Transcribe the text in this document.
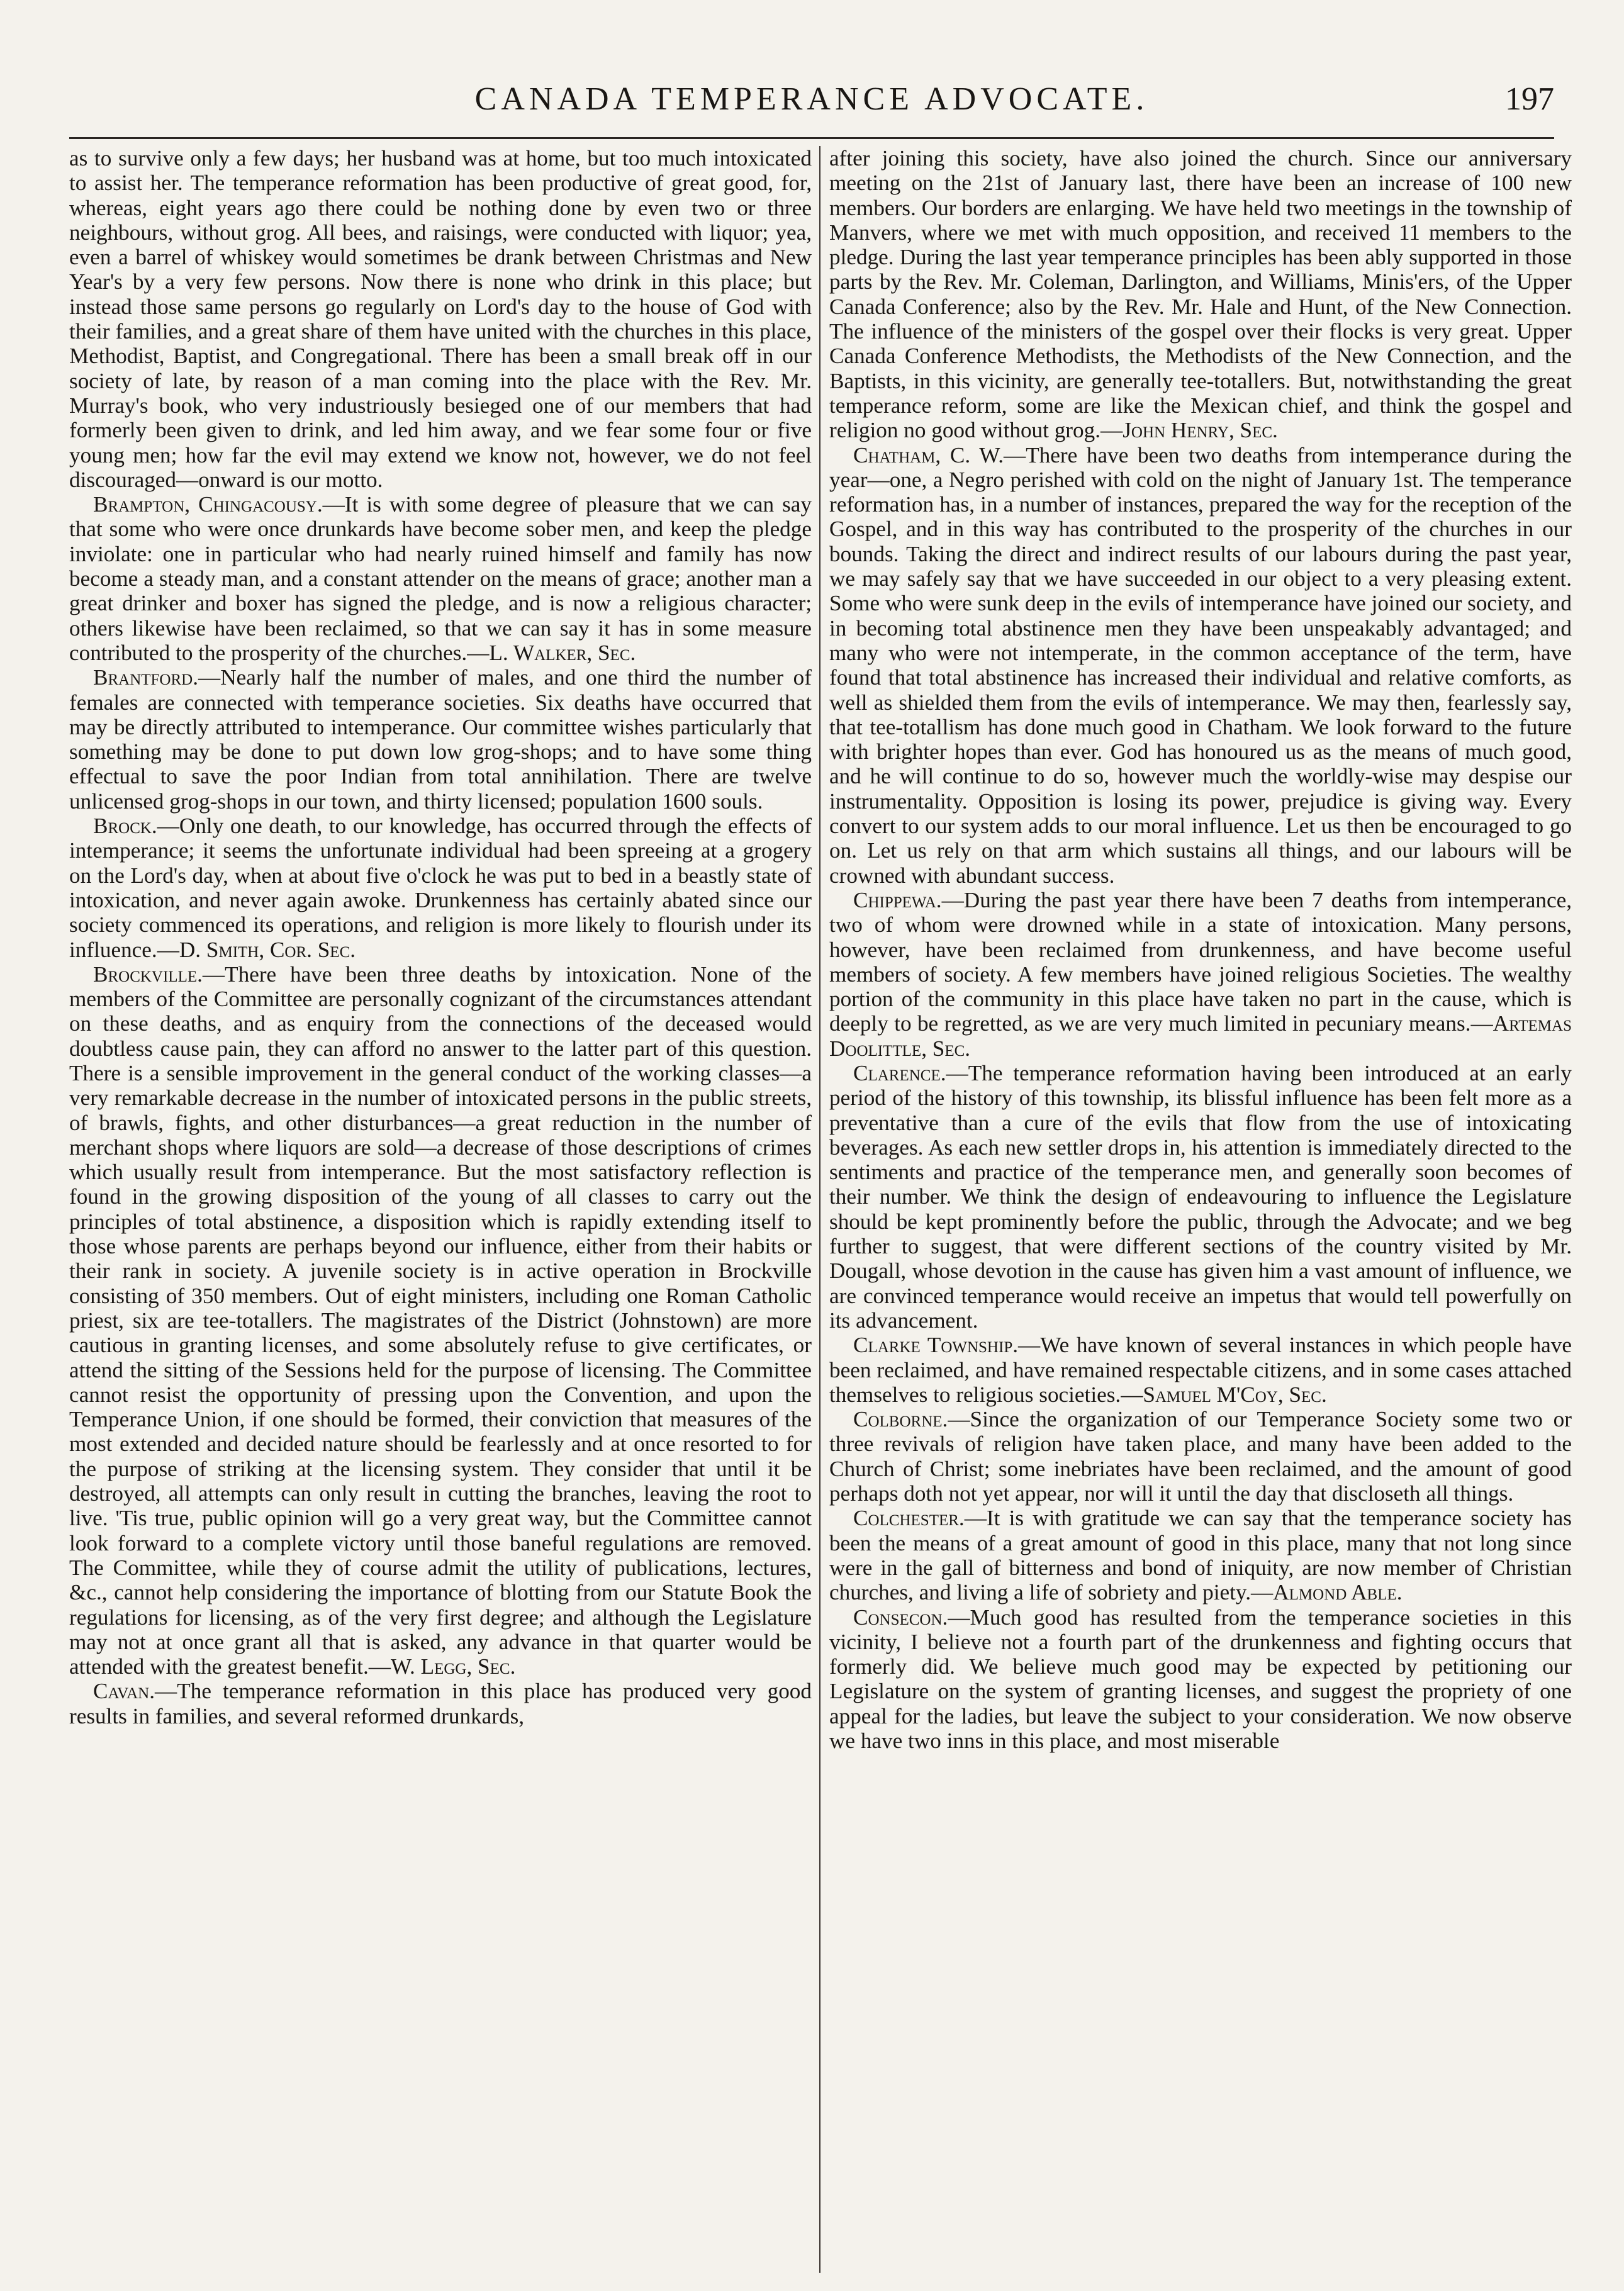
CANADA TEMPERANCE ADVOCATE.	197

as to survive only a few days; her husband was at home, but too much intoxicated to assist her. The temperance reformation has been productive of great good, for, whereas, eight years ago there could be nothing done by even two or three neighbours, without grog. All bees, and raisings, were conducted with liquor; yea, even a barrel of whiskey would sometimes be drank between Christmas and New Year's by a very few persons. Now there is none who drink in this place; but instead those same persons go regularly on Lord's day to the house of God with their families, and a great share of them have united with the churches in this place, Methodist, Baptist, and Congregational. There has been a small break off in our society of late, by reason of a man coming into the place with the Rev. Mr. Murray's book, who very industriously besieged one of our members that had formerly been given to drink, and led him away, and we fear some four or five young men; how far the evil may extend we know not, however, we do not feel discouraged—onward is our motto.

Brampton, Chingacousy.—It is with some degree of pleasure that we can say that some who were once drunkards have become sober men, and keep the pledge inviolate: one in particular who had nearly ruined himself and family has now become a steady man, and a constant attender on the means of grace; another man a great drinker and boxer has signed the pledge, and is now a religious character; others likewise have been reclaimed, so that we can say it has in some measure contributed to the prosperity of the churches.—L. Walker, Sec.

Brantford.—Nearly half the number of males, and one third the number of females are connected with temperance societies. Six deaths have occurred that may be directly attributed to intemperance. Our committee wishes particularly that something may be done to put down low grog-shops; and to have some thing effectual to save the poor Indian from total annihilation. There are twelve unlicensed grog-shops in our town, and thirty licensed; population 1600 souls.

Brock.—Only one death, to our knowledge, has occurred through the effects of intemperance; it seems the unfortunate individual had been spreeing at a grogery on the Lord's day, when at about five o'clock he was put to bed in a beastly state of intoxication, and never again awoke. Drunkenness has certainly abated since our society commenced its operations, and religion is more likely to flourish under its influence.—D. Smith, Cor. Sec.

Brockville.—There have been three deaths by intoxication. None of the members of the Committee are personally cognizant of the circumstances attendant on these deaths, and as enquiry from the connections of the deceased would doubtless cause pain, they can afford no answer to the latter part of this question. There is a sensible improvement in the general conduct of the working classes—a very remarkable decrease in the number of intoxicated persons in the public streets, of brawls, fights, and other disturbances—a great reduction in the number of merchant shops where liquors are sold—a decrease of those descriptions of crimes which usually result from intemperance. But the most satisfactory reflection is found in the growing disposition of the young of all classes to carry out the principles of total abstinence, a disposition which is rapidly extending itself to those whose parents are perhaps beyond our influence, either from their habits or their rank in society. A juvenile society is in active operation in Brockville consisting of 350 members. Out of eight ministers, including one Roman Catholic priest, six are tee-totallers. The magistrates of the District (Johnstown) are more cautious in granting licenses, and some absolutely refuse to give certificates, or attend the sitting of the Sessions held for the purpose of licensing. The Committee cannot resist the opportunity of pressing upon the Convention, and upon the Temperance Union, if one should be formed, their conviction that measures of the most extended and decided nature should be fearlessly and at once resorted to for the purpose of striking at the licensing system. They consider that until it be destroyed, all attempts can only result in cutting the branches, leaving the root to live. 'Tis true, public opinion will go a very great way, but the Committee cannot look forward to a complete victory until those baneful regulations are removed. The Committee, while they of course admit the utility of publications, lectures, &c., cannot help considering the importance of blotting from our Statute Book the regulations for licensing, as of the very first degree; and although the Legislature may not at once grant all that is asked, any advance in that quarter would be attended with the greatest benefit.—W. Legg, Sec.

Cavan.—The temperance reformation in this place has produced very good results in families, and several reformed drunkards,

after joining this society, have also joined the church. Since our anniversary meeting on the 21st of January last, there have been an increase of 100 new members. Our borders are enlarging. We have held two meetings in the township of Manvers, where we met with much opposition, and received 11 members to the pledge. During the last year temperance principles has been ably supported in those parts by the Rev. Mr. Coleman, Darlington, and Williams, Minis'ers, of the Upper Canada Conference; also by the Rev. Mr. Hale and Hunt, of the New Connection. The influence of the ministers of the gospel over their flocks is very great. Upper Canada Conference Methodists, the Methodists of the New Connection, and the Baptists, in this vicinity, are generally tee-totallers. But, notwithstanding the great temperance reform, some are like the Mexican chief, and think the gospel and religion no good without grog.—John Henry, Sec.

Chatham, C. W.—There have been two deaths from intemperance during the year—one, a Negro perished with cold on the night of January 1st. The temperance reformation has, in a number of instances, prepared the way for the reception of the Gospel, and in this way has contributed to the prosperity of the churches in our bounds. Taking the direct and indirect results of our labours during the past year, we may safely say that we have succeeded in our object to a very pleasing extent. Some who were sunk deep in the evils of intemperance have joined our society, and in becoming total abstinence men they have been unspeakably advantaged; and many who were not intemperate, in the common acceptance of the term, have found that total abstinence has increased their individual and relative comforts, as well as shielded them from the evils of intemperance. We may then, fearlessly say, that tee-totallism has done much good in Chatham. We look forward to the future with brighter hopes than ever. God has honoured us as the means of much good, and he will continue to do so, however much the worldly-wise may despise our instrumentality. Opposition is losing its power, prejudice is giving way. Every convert to our system adds to our moral influence. Let us then be encouraged to go on. Let us rely on that arm which sustains all things, and our labours will be crowned with abundant success.

Chippewa.—During the past year there have been 7 deaths from intemperance, two of whom were drowned while in a state of intoxication. Many persons, however, have been reclaimed from drunkenness, and have become useful members of society. A few members have joined religious Societies. The wealthy portion of the community in this place have taken no part in the cause, which is deeply to be regretted, as we are very much limited in pecuniary means.—Artemas Doolittle, Sec.

Clarence.—The temperance reformation having been introduced at an early period of the history of this township, its blissful influence has been felt more as a preventative than a cure of the evils that flow from the use of intoxicating beverages. As each new settler drops in, his attention is immediately directed to the sentiments and practice of the temperance men, and generally soon becomes of their number. We think the design of endeavouring to influence the Legislature should be kept prominently before the public, through the Advocate; and we beg further to suggest, that were different sections of the country visited by Mr. Dougall, whose devotion in the cause has given him a vast amount of influence, we are convinced temperance would receive an impetus that would tell powerfully on its advancement.

Clarke Township.—We have known of several instances in which people have been reclaimed, and have remained respectable citizens, and in some cases attached themselves to religious societies.—Samuel M'Coy, Sec.

Colborne.—Since the organization of our Temperance Society some two or three revivals of religion have taken place, and many have been added to the Church of Christ; some inebriates have been reclaimed, and the amount of good perhaps doth not yet appear, nor will it until the day that discloseth all things.

Colchester.—It is with gratitude we can say that the temperance society has been the means of a great amount of good in this place, many that not long since were in the gall of bitterness and bond of iniquity, are now member of Christian churches, and living a life of sobriety and piety.—Almond Able.

Consecon.—Much good has resulted from the temperance societies in this vicinity, I believe not a fourth part of the drunkenness and fighting occurs that formerly did. We believe much good may be expected by petitioning our Legislature on the system of granting licenses, and suggest the propriety of one appeal for the ladies, but leave the subject to your consideration. We now observe we have two inns in this place, and most miserable
